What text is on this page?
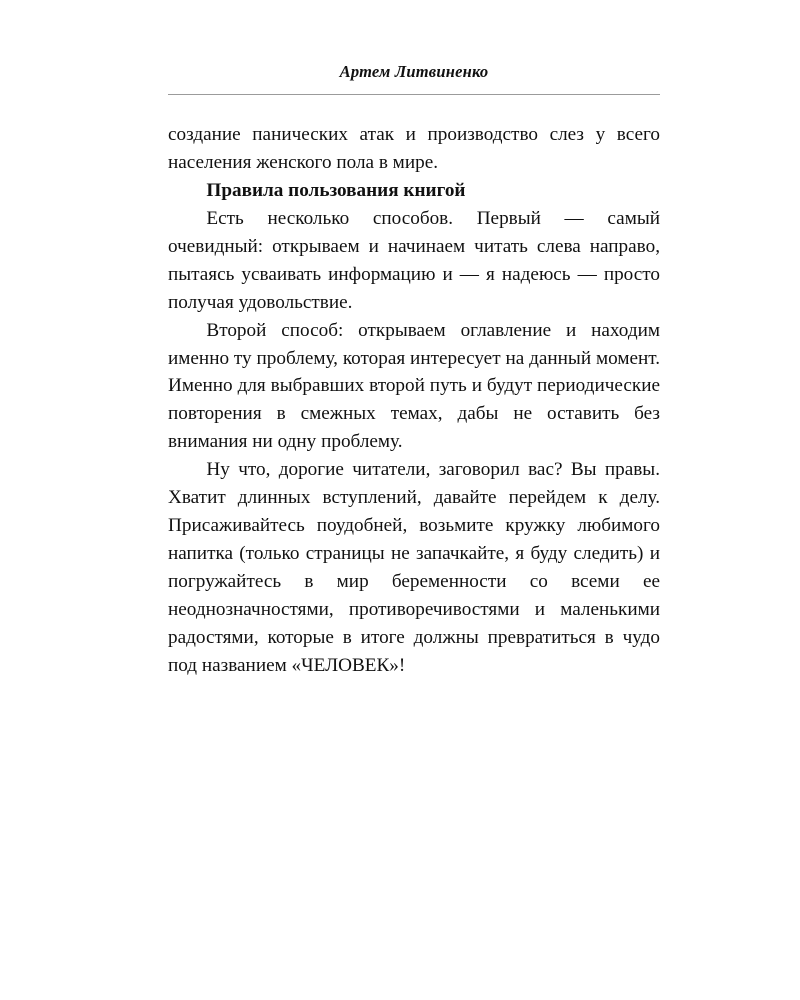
Артем Литвиненко

создание панических атак и производство слез у всего населения женского пола в мире.

Правила пользования книгой

Есть несколько способов. Первый — самый очевидный: открываем и начинаем читать слева направо, пытаясь усваивать информацию и — я надеюсь — просто получая удовольствие.

Второй способ: открываем оглавление и находим именно ту проблему, которая интересует на данный момент. Именно для выбравших второй путь и будут периодические повторения в смежных темах, дабы не оставить без внимания ни одну проблему.

Ну что, дорогие читатели, заговорил вас? Вы правы. Хватит длинных вступлений, давайте перейдем к делу. Присаживайтесь поудобней, возьмите кружку любимого напитка (только страницы не запачкайте, я буду следить) и погружайтесь в мир беременности со всеми ее неоднозначностями, противоречивостями и маленькими радостями, которые в итоге должны превратиться в чудо под названием «ЧЕЛОВЕК»!
